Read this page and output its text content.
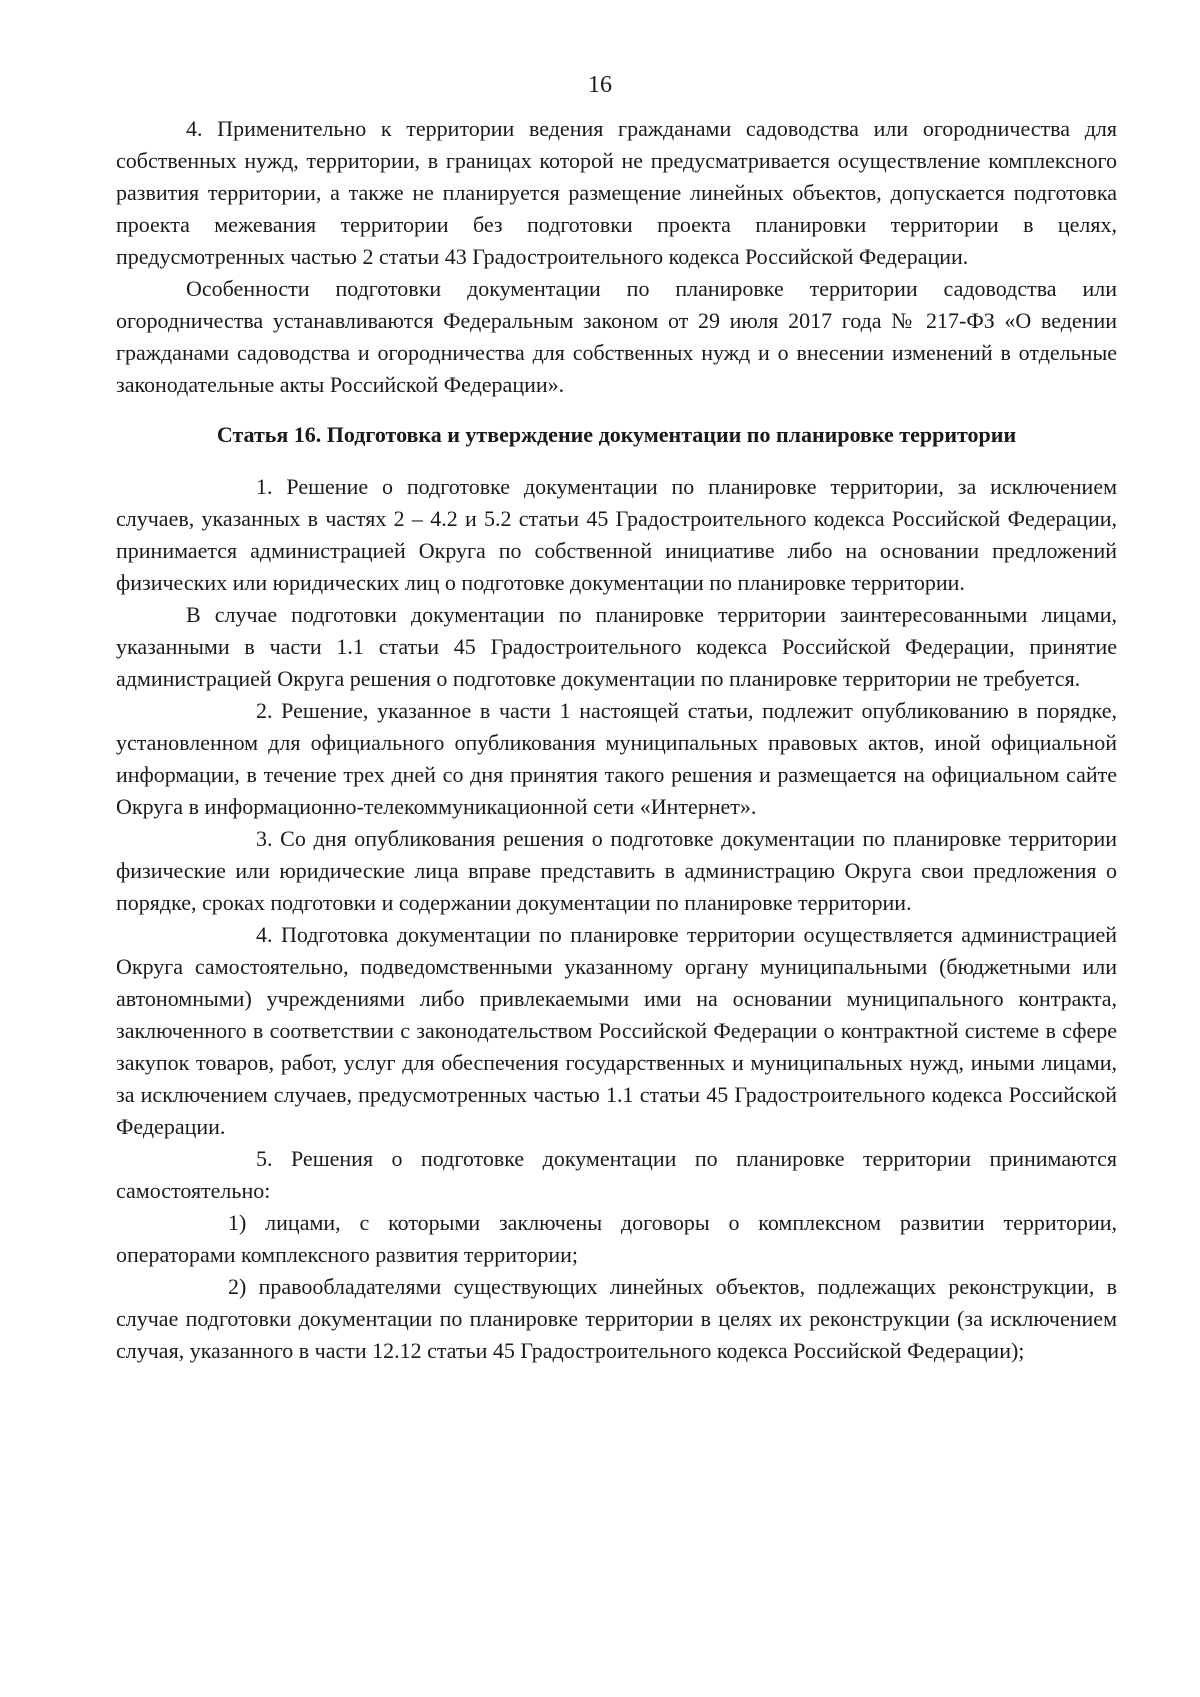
16

4. Применительно к территории ведения гражданами садоводства или огородничества для собственных нужд, территории, в границах которой не предусматривается осуществление комплексного развития территории, а также не планируется размещение линейных объектов, допускается подготовка проекта межевания территории без подготовки проекта планировки территории в целях, предусмотренных частью 2 статьи 43 Градостроительного кодекса Российской Федерации.

Особенности подготовки документации по планировке территории садоводства или огородничества устанавливаются Федеральным законом от 29 июля 2017 года № 217-ФЗ «О ведении гражданами садоводства и огородничества для собственных нужд и о внесении изменений в отдельные законодательные акты Российской Федерации».

Статья 16. Подготовка и утверждение документации по планировке территории

1. Решение о подготовке документации по планировке территории, за исключением случаев, указанных в частях 2 – 4.2 и 5.2 статьи 45 Градостроительного кодекса Российской Федерации, принимается администрацией Округа по собственной инициативе либо на основании предложений физических или юридических лиц о подготовке документации по планировке территории.

В случае подготовки документации по планировке территории заинтересованными лицами, указанными в части 1.1 статьи 45 Градостроительного кодекса Российской Федерации, принятие администрацией Округа решения о подготовке документации по планировке территории не требуется.

2. Решение, указанное в части 1 настоящей статьи, подлежит опубликованию в порядке, установленном для официального опубликования муниципальных правовых актов, иной официальной информации, в течение трех дней со дня принятия такого решения и размещается на официальном сайте Округа в информационно-телекоммуникационной сети «Интернет».

3. Со дня опубликования решения о подготовке документации по планировке территории физические или юридические лица вправе представить в администрацию Округа свои предложения о порядке, сроках подготовки и содержании документации по планировке территории.

4. Подготовка документации по планировке территории осуществляется администрацией Округа самостоятельно, подведомственными указанному органу муниципальными (бюджетными или автономными) учреждениями либо привлекаемыми ими на основании муниципального контракта, заключенного в соответствии с законодательством Российской Федерации о контрактной системе в сфере закупок товаров, работ, услуг для обеспечения государственных и муниципальных нужд, иными лицами, за исключением случаев, предусмотренных частью 1.1 статьи 45 Градостроительного кодекса Российской Федерации.

5. Решения о подготовке документации по планировке территории принимаются самостоятельно:

1) лицами, с которыми заключены договоры о комплексном развитии территории, операторами комплексного развития территории;

2) правообладателями существующих линейных объектов, подлежащих реконструкции, в случае подготовки документации по планировке территории в целях их реконструкции (за исключением случая, указанного в части 12.12 статьи 45 Градостроительного кодекса Российской Федерации);
